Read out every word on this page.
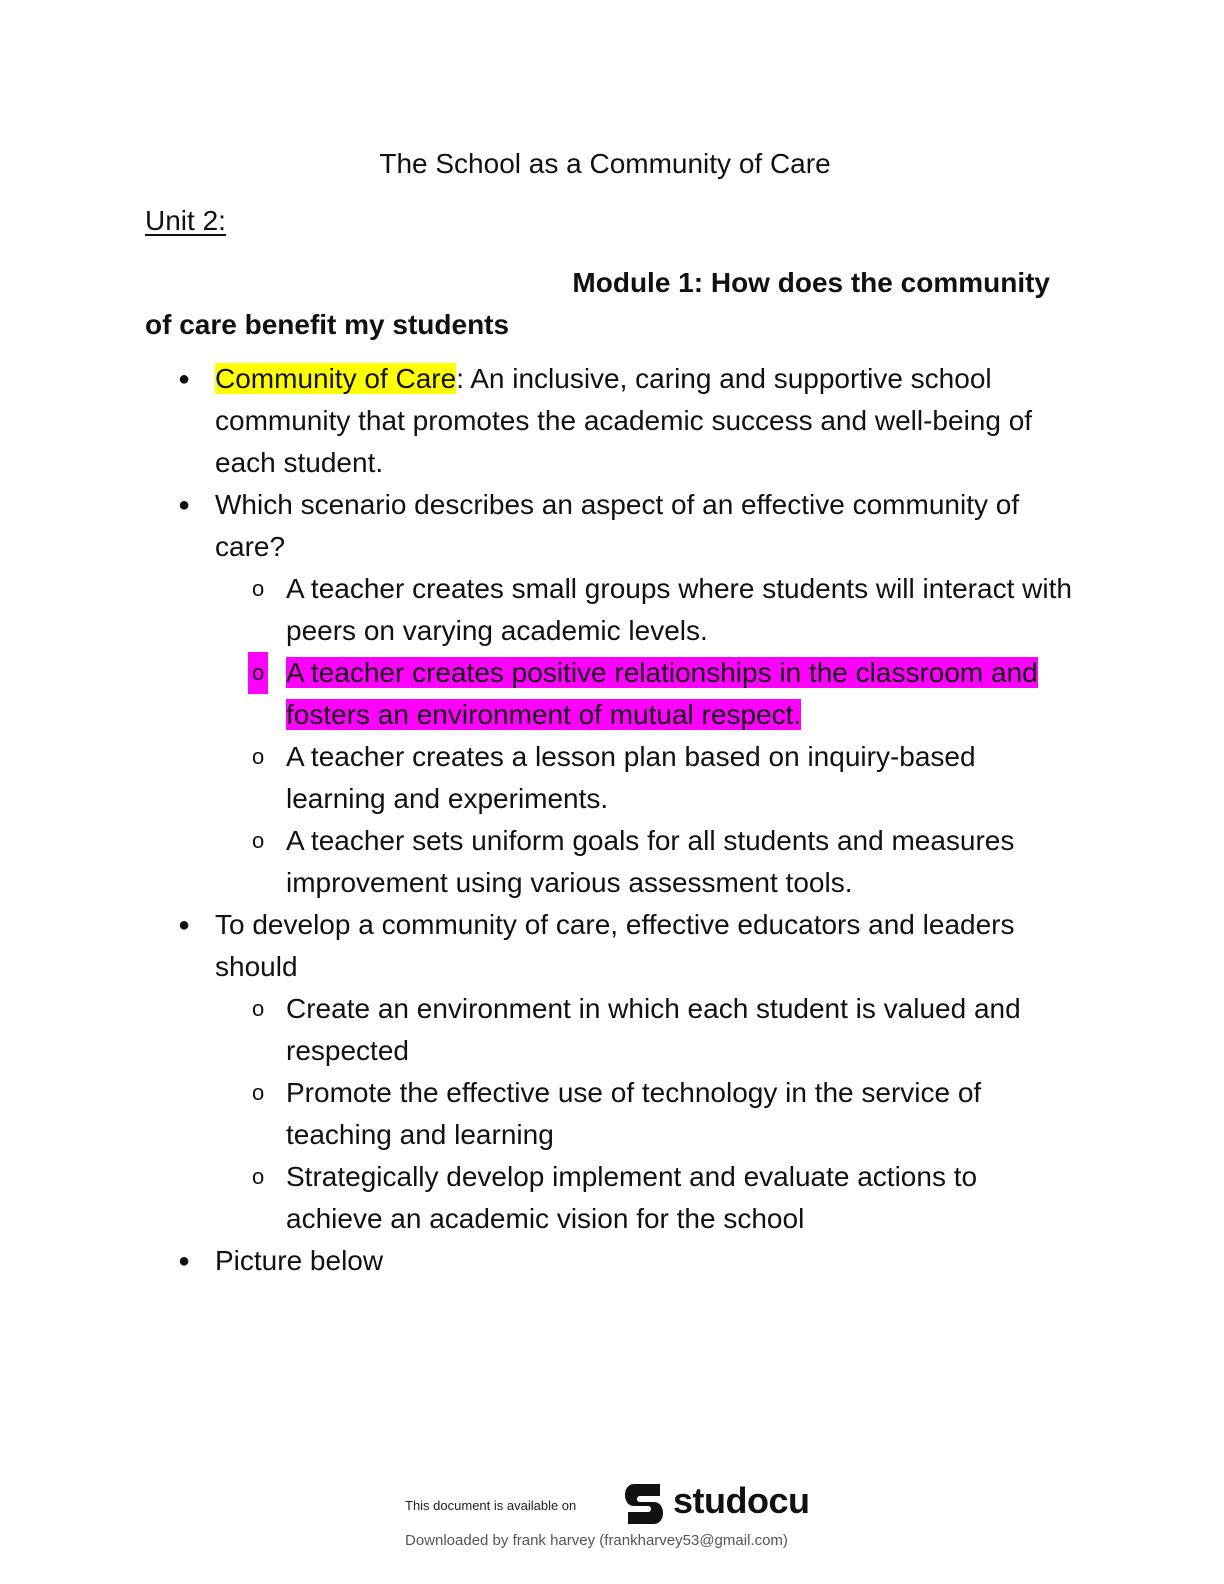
The School as a Community of Care
Unit 2:
Module 1: How does the community
of care benefit my students
● Community of Care: An inclusive, caring and supportive school community that promotes the academic success and well-being of each student.
● Which scenario describes an aspect of an effective community of care?
o A teacher creates small groups where students will interact with peers on varying academic levels.
o A teacher creates positive relationships in the classroom and fosters an environment of mutual respect.
o A teacher creates a lesson plan based on inquiry-based learning and experiments.
o A teacher sets uniform goals for all students and measures improvement using various assessment tools.
● To develop a community of care, effective educators and leaders should
o Create an environment in which each student is valued and respected
o Promote the effective use of technology in the service of teaching and learning
o Strategically develop implement and evaluate actions to achieve an academic vision for the school
● Picture below
This document is available on	studocu
Downloaded by frank harvey (frankharvey53@gmail.com)
